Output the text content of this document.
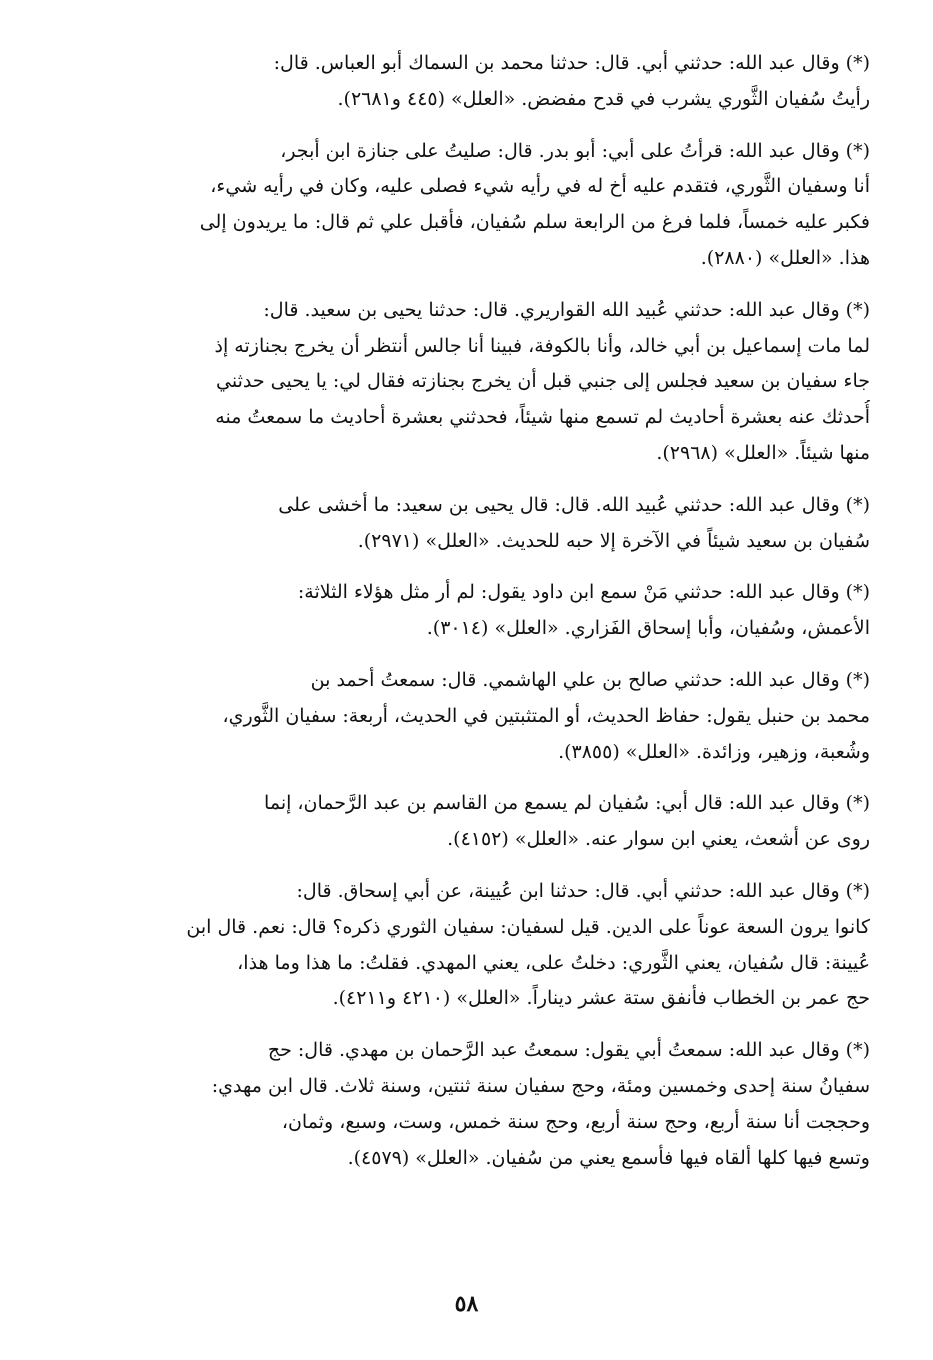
(*) وقال عبد الله: حدثني أبي. قال: حدثنا محمد بن السماك أبو العباس. قال:
رأيتُ سُفيان الثَّوري يشرب في قدح مفضض. «العلل» (٤٤٥ و٢٦٨١).
(*) وقال عبد الله: قرأتُ على أبي: أبو بدر. قال: صليتُ على جنازة ابن أبجر،
أنا وسفيان الثَّوري، فتقدم عليه أخ له في رأيه شيء فصلى عليه، وكان في رأيه شيء،
فكبر عليه خمساً، فلما فرغ من الرابعة سلم سُفيان، فأقبل علي ثم قال: ما يريدون إلى
هذا. «العلل» (٢٨٨٠).
(*) وقال عبد الله: حدثني عُبيد الله القواريري. قال: حدثنا يحيى بن سعيد. قال:
لما مات إسماعيل بن أبي خالد، وأنا بالكوفة، فبينا أنا جالس أنتظر أن يخرج بجنازته إذ
جاء سفيان بن سعيد فجلس إلى جنبي قبل أن يخرج بجنازته فقال لي: يا يحيى حدثني
أُحدثك عنه بعشرة أحاديث لم تسمع منها شيئاً، فحدثني بعشرة أحاديث ما سمعتُ منه
منها شيئاً. «العلل» (٢٩٦٨).
(*) وقال عبد الله: حدثني عُبيد الله. قال: قال يحيى بن سعيد: ما أخشى على
سُفيان بن سعيد شيئاً في الآخرة إلا حبه للحديث. «العلل» (٢٩٧١).
(*) وقال عبد الله: حدثني مَنْ سمع ابن داود يقول: لم أر مثل هؤلاء الثلاثة:
الأعمش، وسُفيان، وأبا إسحاق الفَزاري. «العلل» (٣٠١٤).
(*) وقال عبد الله: حدثني صالح بن علي الهاشمي. قال: سمعتُ أحمد بن
محمد بن حنبل يقول: حفاظ الحديث، أو المتثبتين في الحديث، أربعة: سفيان الثَّوري،
وشُعبة، وزهير، وزائدة. «العلل» (٣٨٥٥).
(*) وقال عبد الله: قال أبي: سُفيان لم يسمع من القاسم بن عبد الرَّحمان، إنما
روى عن أشعث، يعني ابن سوار عنه. «العلل» (٤١٥٢).
(*) وقال عبد الله: حدثني أبي. قال: حدثنا ابن عُيينة، عن أبي إسحاق. قال:
كانوا يرون السعة عوناً على الدين. قيل لسفيان: سفيان الثوري ذكره؟ قال: نعم. قال ابن
عُيينة: قال سُفيان، يعني الثَّوري: دخلتُ على، يعني المهدي. فقلتُ: ما هذا وما هذا،
حج عمر بن الخطاب فأنفق ستة عشر ديناراً. «العلل» (٤٢١٠ و٤٢١١).
(*) وقال عبد الله: سمعتُ أبي يقول: سمعتُ عبد الرَّحمان بن مهدي. قال: حج
سفيانُ سنة إحدى وخمسين ومئة، وحج سفيان سنة ثنتين، وسنة ثلاث. قال ابن مهدي:
وحججت أنا سنة أربع، وحج سنة أربع، وحج سنة خمس، وست، وسبع، وثمان،
وتسع فيها كلها ألقاه فيها فأسمع يعني من سُفيان. «العلل» (٤٥٧٩).
٥٨
